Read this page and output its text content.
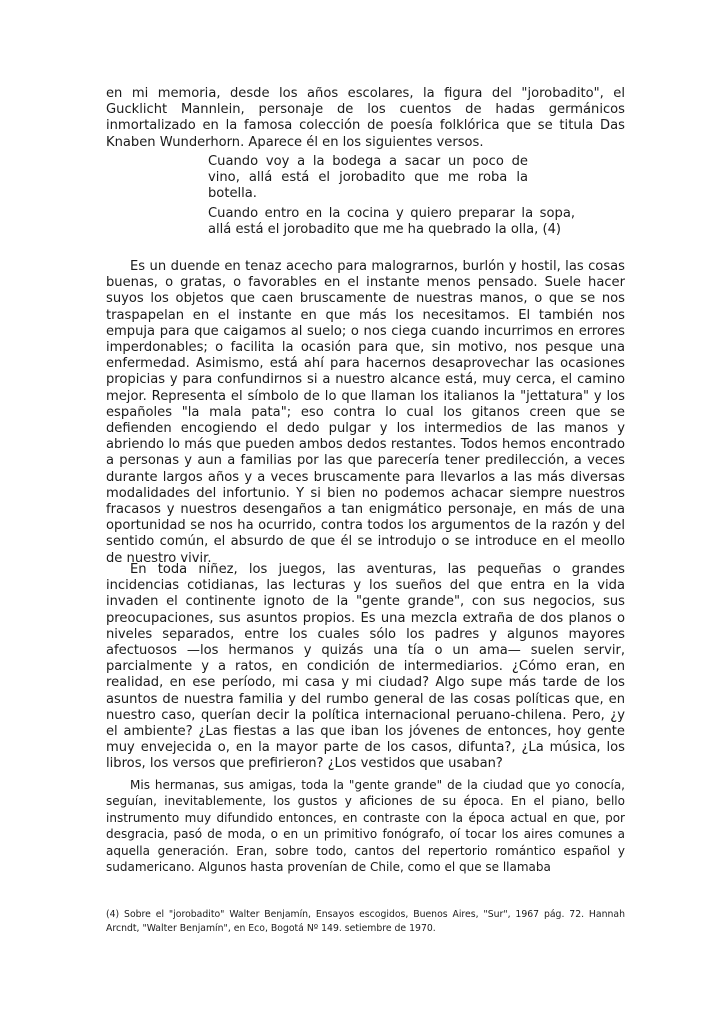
en mi memoria, desde los años escolares, la figura del "jorobadito", el Gucklicht Mannlein, personaje de los cuentos de hadas germánicos inmortalizado en la famosa colección de poesía folklórica que se titula Das Knaben Wunderhorn. Aparece él en los siguientes versos.

Cuando voy a la bodega a sacar un poco de vino, allá está el jorobadito que me roba la botella.
Cuando entro en la cocina y quiero preparar la sopa, allá está el jorobadito que me ha quebrado la olla, (4)

Es un duende en tenaz acecho para malograrnos, burlón y hostil, las cosas buenas, o gratas, o favorables en el instante menos pensado. Suele hacer suyos los objetos que caen bruscamente de nuestras manos, o que se nos traspapelan en el instante en que más los necesitamos. El también nos empuja para que caigamos al suelo; o nos ciega cuando incurrimos en errores imperdonables; o facilita la ocasión para que, sin motivo, nos pesque una enfermedad. Asimismo, está ahí para hacernos desaprovechar las ocasiones propicias y para confundirnos si a nuestro alcance está, muy cerca, el camino mejor. Representa el símbolo de lo que llaman los italianos la "jettatura" y los españoles "la mala pata"; eso contra lo cual los gitanos creen que se defienden encogiendo el dedo pulgar y los intermedios de las manos y abriendo lo más que pueden ambos dedos restantes. Todos hemos encontrado a personas y aun a familias por las que parecería tener predilección, a veces durante largos años y a veces bruscamente para llevarlos a las más diversas modalidades del infortunio. Y si bien no podemos achacar siempre nuestros fracasos y nuestros desengaños a tan enigmático personaje, en más de una oportunidad se nos ha ocurrido, contra todos los argumentos de la razón y del sentido común, el absurdo de que él se introdujo o se introduce en el meollo de nuestro vivir.

En toda niñez, los juegos, las aventuras, las pequeñas o grandes incidencias cotidianas, las lecturas y los sueños del que entra en la vida invaden el continente ignoto de la "gente grande", con sus negocios, sus preocupaciones, sus asuntos propios. Es una mezcla extraña de dos planos o niveles separados, entre los cuales sólo los padres y algunos mayores afectuosos —los hermanos y quizás una tía o un ama— suelen servir, parcialmente y a ratos, en condición de intermediarios. ¿Cómo eran, en realidad, en ese período, mi casa y mi ciudad? Algo supe más tarde de los asuntos de nuestra familia y del rumbo general de las cosas políticas que, en nuestro caso, querían decir la política internacional peruano-chilena. Pero, ¿y el ambiente? ¿Las fiestas a las que iban los jóvenes de entonces, hoy gente muy envejecida o, en la mayor parte de los casos, difunta?, ¿La música, los libros, los versos que prefirieron? ¿Los vestidos que usaban?

Mis hermanas, sus amigas, toda la "gente grande" de la ciudad que yo conocía, seguían, inevitablemente, los gustos y aficiones de su época. En el piano, bello instrumento muy difundido entonces, en contraste con la época actual en que, por desgracia, pasó de moda, o en un primitivo fonógrafo, oí tocar los aires comunes a aquella generación. Eran, sobre todo, cantos del repertorio romántico español y sudamericano. Algunos hasta provenían de Chile, como el que se llamaba

(4) Sobre el "jorobadito" Walter Benjamín, Ensayos escogidos, Buenos Aires, "Sur", 1967 pág. 72. Hannah Arcndt, "Walter Benjamín", en Eco, Bogotá Nº 149. setiembre de 1970.
